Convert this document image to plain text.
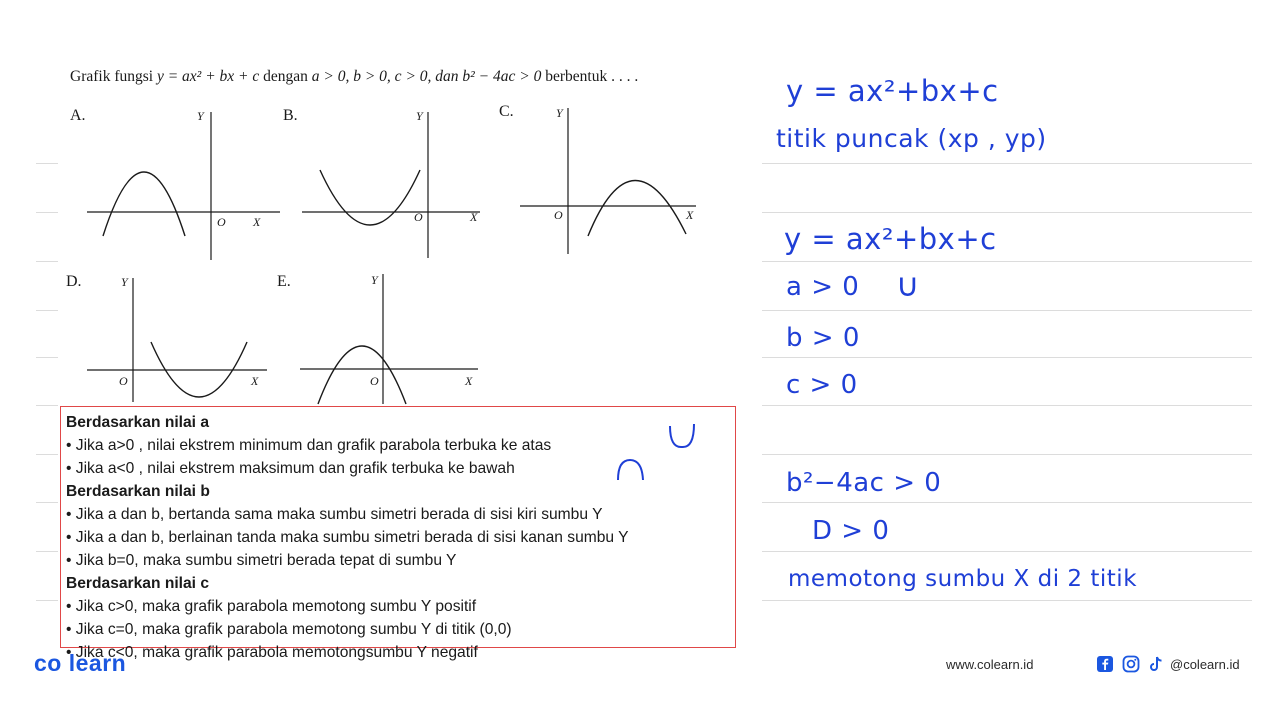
Grafik fungsi y = ax² + bx + c dengan a > 0, b > 0, c > 0, dan b² − 4ac > 0 berbentuk . . . .
A.	Y
O X
B.	Y
O	X
C.	Y
O	X
D.	Y
O	X
E.	Y
O	X
Berdasarkan nilai a
• Jika a>0 , nilai ekstrem minimum dan grafik parabola terbuka ke atas
• Jika a<0 , nilai ekstrem maksimum dan grafik terbuka ke bawah
Berdasarkan nilai b
• Jika a dan b, bertanda sama maka sumbu simetri berada di sisi kiri sumbu Y
• Jika a dan b, berlainan tanda maka sumbu simetri berada di sisi kanan sumbu Y
• Jika b=0, maka sumbu simetri berada tepat di sumbu Y
Berdasarkan nilai c
• Jika c>0, maka grafik parabola memotong sumbu Y positif
• Jika c=0, maka grafik parabola memotong sumbu Y di titik (0,0)
• Jika c<0, maka grafik parabola memotongsumbu Y negatif
y = ax²+bx+c
titik puncak (xp , yp)
y = ax²+bx+c
a > 0 ∪
b > 0
c > 0
b²−4ac > 0
D > 0
memotong sumbu X di 2 titik
co learn	www.colearn.id	@colearn.id
